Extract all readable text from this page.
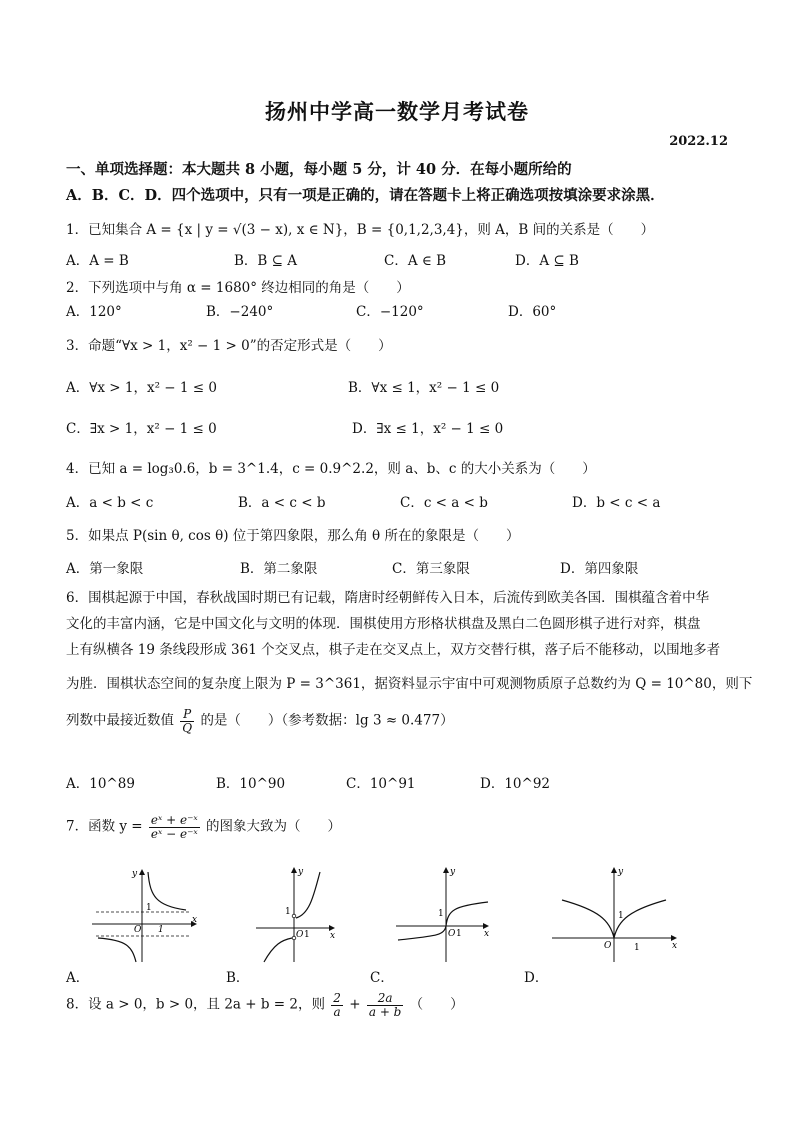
扬州中学高一数学月考试卷
2022.12
一、单项选择题：本大题共 8 小题，每小题 5 分，计 40 分．在每小题所给的
A．B．C．D．四个选项中，只有一项是正确的，请在答题卡上将正确选项按填涂要求涂黑．
1．已知集合 A = {x | y = √(3 − x), x ∈ N}，B = {0,1,2,3,4}，则 A，B 间的关系是（　　）
A．A = B	B．B ⊆ A	C．A ∈ B	D．A ⊆ B
2．下列选项中与角 α = 1680° 终边相同的角是（　　）
A．120°	B．−240°	C．−120°	D．60°
3．命题“∀x > 1，x² − 1 > 0”的否定形式是（　　）
A．∀x > 1，x² − 1 ≤ 0	B．∀x ≤ 1，x² − 1 ≤ 0
C．∃x > 1，x² − 1 ≤ 0	D．∃x ≤ 1，x² − 1 ≤ 0
4．已知 a = log₃0.6，b = 3^1.4，c = 0.9^2.2，则 a、b、c 的大小关系为（　　）
A．a < b < c	B．a < c < b	C．c < a < b	D．b < c < a
5．如果点 P(sin θ, cos θ) 位于第四象限，那么角 θ 所在的象限是（　　）
A．第一象限	B．第二象限	C．第三象限	D．第四象限
6．围棋起源于中国，春秋战国时期已有记载，隋唐时经朝鲜传入日本，后流传到欧美各国．围棋蕴含着中华
文化的丰富内涵，它是中国文化与文明的体现．围棋使用方形格状棋盘及黑白二色圆形棋子进行对弈，棋盘
上有纵横各 19 条线段形成 361 个交叉点，棋子走在交叉点上，双方交替行棋，落子后不能移动，以围地多者
为胜．围棋状态空间的复杂度上限为 P = 3^361，据资料显示宇宙中可观测物质原子总数约为 Q = 10^80，则下
列数中最接近数值 $\frac{P}{Q}$ 的是（　　）（参考数据：lg 3 ≈ 0.477）
A．10^89	B．10^90	C．10^91	D．10^92
7．函数 $y = \frac{\text{eˣ + e⁻ˣ}}{\text{eˣ − e⁻ˣ}}$ 的图象大致为（　　）
y
x
O
1
1
A．
y
x
O
1
1
B．
y
x
O
1
1
C．
y
x
O
1
1
D．
8．设 a > 0，b > 0，且 2a + b = 2，则 $\frac{2}{a} + \frac{2a}{a + b}$ （　　）
